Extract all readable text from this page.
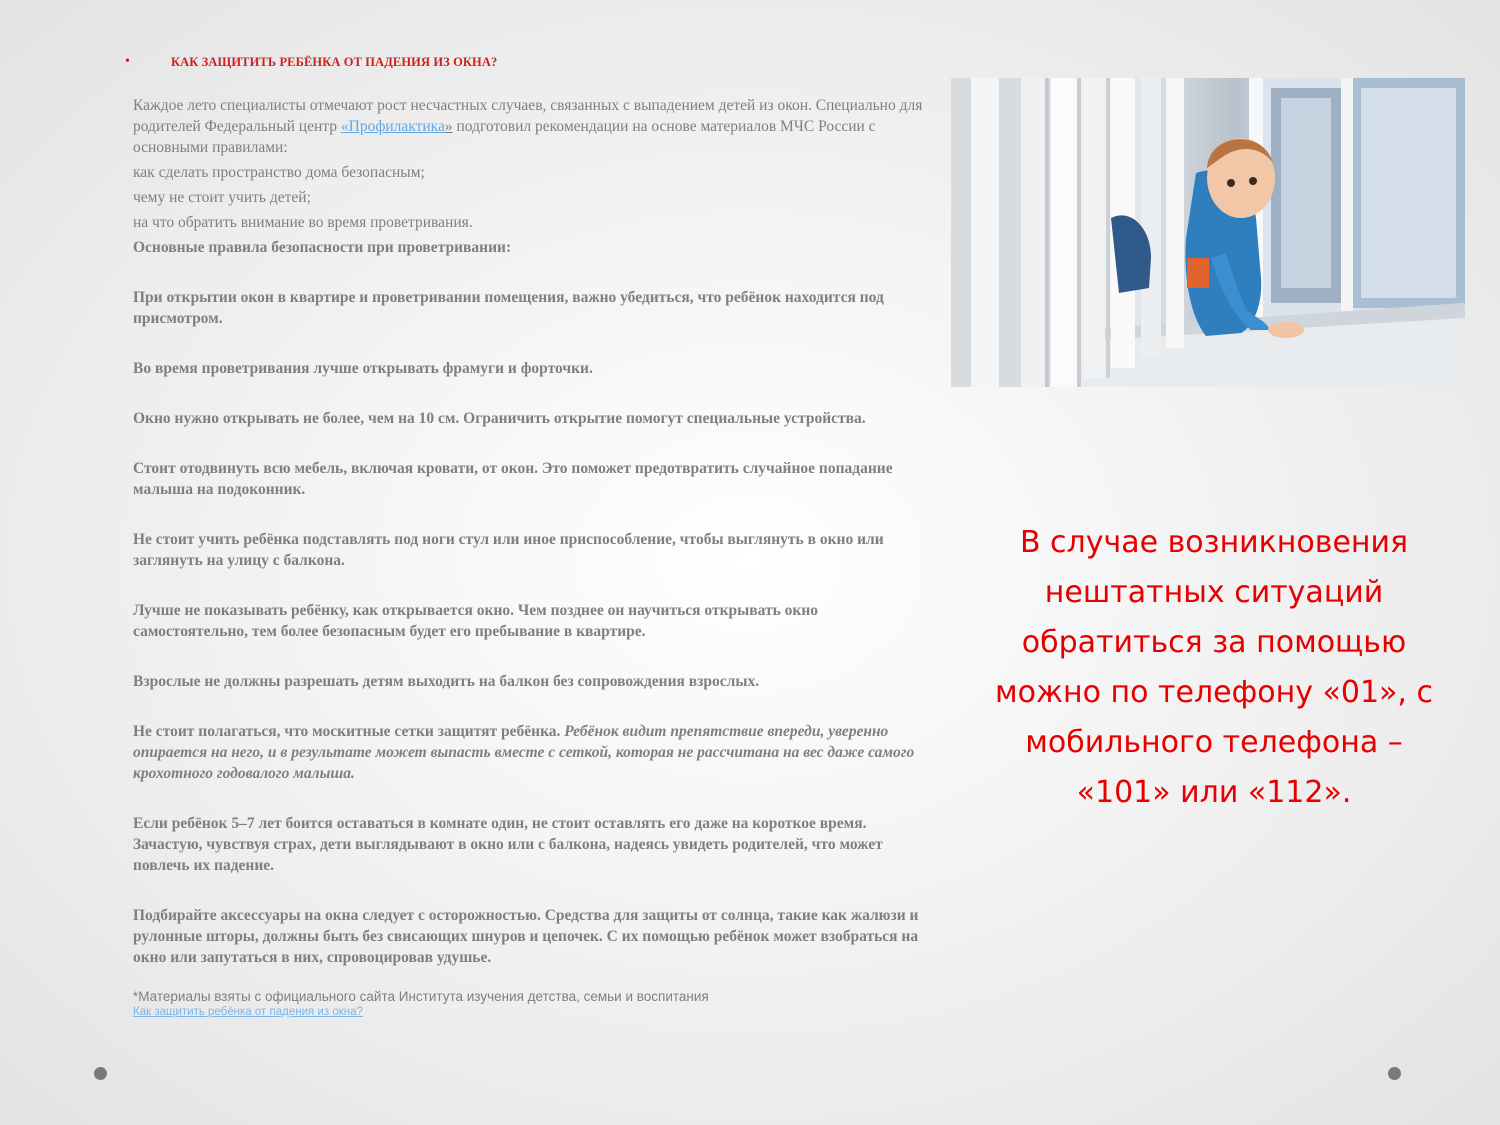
•	КАК ЗАЩИТИТЬ РЕБЁНКА ОТ ПАДЕНИЯ ИЗ ОКНА?
Каждое лето специалисты отмечают рост несчастных случаев, связанных с выпадением детей из окон. Специально для родителей Федеральный центр «Профилактика» подготовил рекомендации на основе материалов МЧС России с основными правилами:
как сделать пространство дома безопасным;
чему не стоит учить детей;
на что обратить внимание во время проветривания.
Основные правила безопасности при проветривании:
При открытии окон в квартире и проветривании помещения, важно убедиться, что ребёнок находится под присмотром.
Во время проветривания лучше открывать фрамуги и форточки.
Окно нужно открывать не более, чем на 10 см. Ограничить открытие помогут специальные устройства.
Стоит отодвинуть всю мебель, включая кровати, от окон. Это поможет предотвратить случайное попадание малыша на подоконник.
Не стоит учить ребёнка подставлять под ноги стул или иное приспособление, чтобы выглянуть в окно или заглянуть на улицу с балкона.
Лучше не показывать ребёнку, как открывается окно. Чем позднее он научиться открывать окно самостоятельно, тем более безопасным будет его пребывание в квартире.
Взрослые не должны разрешать детям выходить на балкон без сопровождения взрослых.
Не стоит полагаться, что москитные сетки защитят ребёнка. Ребёнок видит препятствие впереди, уверенно опирается на него, и в результате может выпасть вместе с сеткой, которая не рассчитана на вес даже самого крохотного годовалого малыша.
Если ребёнок 5–7 лет боится оставаться в комнате один, не стоит оставлять его даже на короткое время. Зачастую, чувствуя страх, дети выглядывают в окно или с балкона, надеясь увидеть родителей, что может повлечь их падение.
Подбирайте аксессуары на окна следует с осторожностью. Средства для защиты от солнца, такие как жалюзи и рулонные шторы, должны быть без свисающих шнуров и цепочек. С их помощью ребёнок может взобраться на окно или запутаться в них, спровоцировав удушье.
*Материалы взяты с официального сайта Института изучения детства, семьи и воспитания
Как защитить ребёнка от падения из окна?
В случае возникновения нештатных ситуаций обратиться за помощью можно по телефону «01», с мобильного телефона – «101» или «112».
